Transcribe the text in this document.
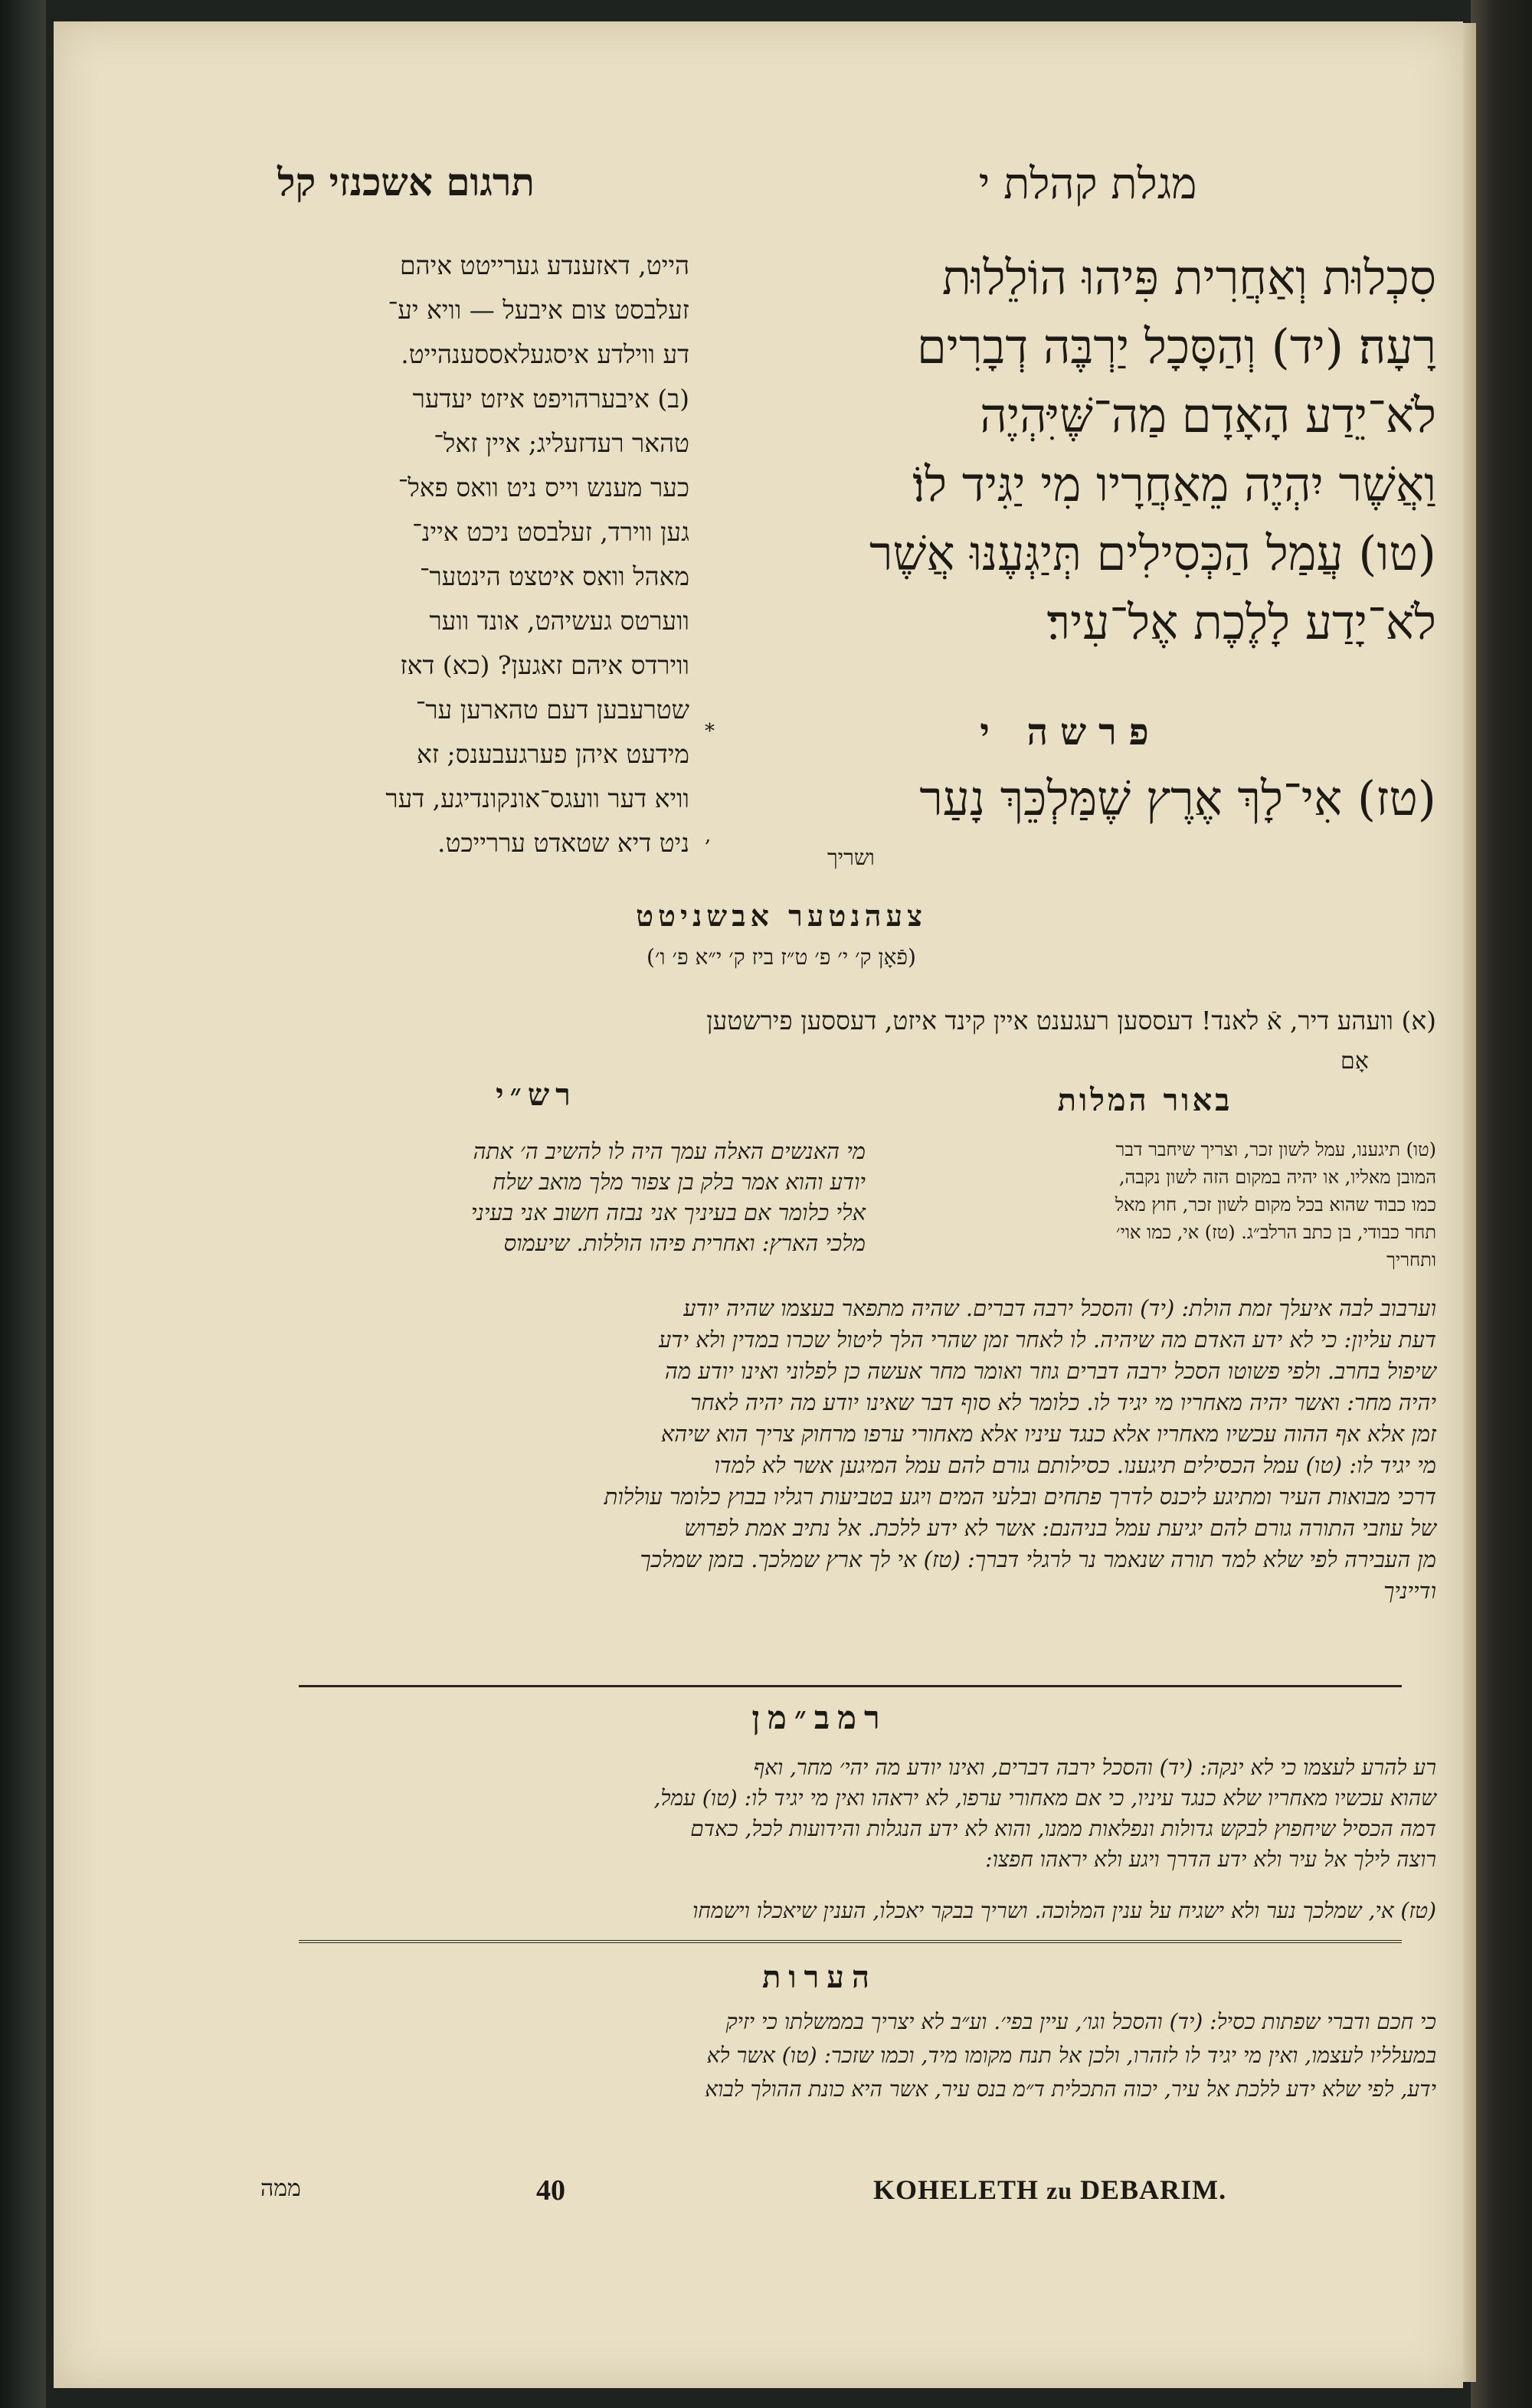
תרגום אשכנזי קל	מגלת קהלת י

הייט, דאזענדע גערייטט איהם

זעלבסט צום איבעל — וויא יע־

דע ווילדע איסגעלאססענהייט.

(ב) איבערהויפט איזט יעדער

טהאר רעדזעליג; איין זאל־

כער מענש וייס ניט וואס פאל־

גען ווירד, זעלבסט ניכט איינ־

מאהל וואס איטצט הינטער־

ווערטס געשיהט, אונד ווער

ווירדס איהם זאגען? (כא) דאז

שטרעבען דעם טהארען ער־

מידעט איהן פערגעבענס; זא

וויא דער וועגס־אונקונדיגע, דער

ניט דיא שטאדט עררייכט.

סִכְלוּת וְאַחֲרִית פִּיהוּ הוֹלֵלוּת

רָעָה׃ (יד) וְהַסָּכָל יַרְבֶּה דְבָרִים

לֹא־יֵדַע הָאָדָם מַה־שֶּׁיִּהְיֶה

וַאֲשֶׁר יִהְיֶה מֵאַחֲרָיו מִי יַגִּיד לוֹ׃

(טו) עֲמַל הַכְּסִילִים תְּיַגְּעֶנּוּ אֲשֶׁר

לֹא־יָדַע לָלֶכֶת אֶל־עִיר׃

*	פרשה י
(טז) אִי־לָךְ אֶרֶץ שֶׁמַּלְכֵּךְ נָעַר
,
ושריך
צעהנטער אבשניטט
(פֿאָן ק׳ י׳ פ׳ ט״ז ביז ק׳ י״א פ׳ ו׳)
(א) וועהע דיר, אֿ לאנד! דעססען רעגענט איין קינד איזט, דעססען פירשטען
אָם
באור המלות
רש״י
(טו) תיגענו, עמל לשון זכר, וצריך שיחבר דבר
המובן מאליו, או יהיה במקום הזה לשון נקבה,
כמו כבוד שהוא בכל מקום לשון זכר, חוץ מאל
תחר כבודי, בן כתב הרלב״ג. (טז) אי, כמו אוי׳
ותחריך
מי האנשים האלה עמך היה לו להשיב ה׳ אתה
יודע והוא אמר בלק בן צפור מלך מואב שלח
אלי כלומר אם בעיניך אני נבזה חשוב אני בעיני
מלכי הארץ: ואחרית פיהו הוללות. שיעמוס
וערבוב לבה איעלך זמת הולת: (יד) והסכל ירבה דברים. שהיה מתפאר בעצמו שהיה יודע
דעת עליון: כי לא ידע האדם מה שיהיה. לו לאחר זמן שהרי הלך ליטול שכרו במדין ולא ידע
שיפול בחרב. ולפי פשוטו הסכל ירבה דברים גוזר ואומר מחר אעשה כן לפלוני ואינו יודע מה
יהיה מחר: ואשר יהיה מאחריו מי יגיד לו. כלומר לא סוף דבר שאינו יודע מה יהיה לאחר
זמן אלא אף ההוה עכשיו מאחריו אלא כנגד עיניו אלא מאחורי ערפו מרחוק צריך הוא שיהא
מי יגיד לו: (טו) עמל הכסילים תיגענו. כסילותם גורם להם עמל המיגען אשר לא למדו
דרכי מבואות העיר ומתיגע ליכנס לדרך פתחים ובלעי המים ויגע בטביעות רגליו בבוץ כלומר עוללות
של עוזבי התורה גורם להם יגיעת עמל בניהנם: אשר לא ידע ללכת. אל נתיב אמת לפרוש
מן העבירה לפי שלא למד תורה שנאמר נר לרגלי דברך: (טז) אי לך ארץ שמלכך. בזמן שמלכך
ודייניך
רמב״מן
רע להרע לעצמו כי לא ינקה: (יד) והסכל ירבה דברים, ואינו יודע מה יהי׳ מחר, ואף
שהוא עכשיו מאחריו שלא כנגד עיניו, כי אם מאחורי ערפו, לא יראהו ואין מי יגיד לו: (טו) עמל,
דמה הכסיל שיחפוץ לבקש גדולות ונפלאות ממנו, והוא לא ידע הנגלות והידועות לכל, כאדם
רוצה לילך אל עיר ולא ידע הדרך ויגע ולא יראהו חפצו:
(טז) אי, שמלכך נער ולא ישגיח על ענין המלוכה. ושריך בבקר יאכלו, הענין שיאכלו וישמחו
הערות
כי חכם ודברי שפתות כסיל: (יד) והסכל וגו׳, עיין בפי׳. וע״ב לא יצריך בממשלתו כי יזיק
במעלליו לעצמו, ואין מי יגיד לו לזהרו, ולכן אל תנח מקומו מיד, וכמו שזכר: (טו) אשר לא
ידע, לפי שלא ידע ללכת אל עיר, יכוה התכלית ד״מ בנס עיר, אשר היא כונת ההולך לבוא
ממה	40	KOHELETH zu DEBARIM.
